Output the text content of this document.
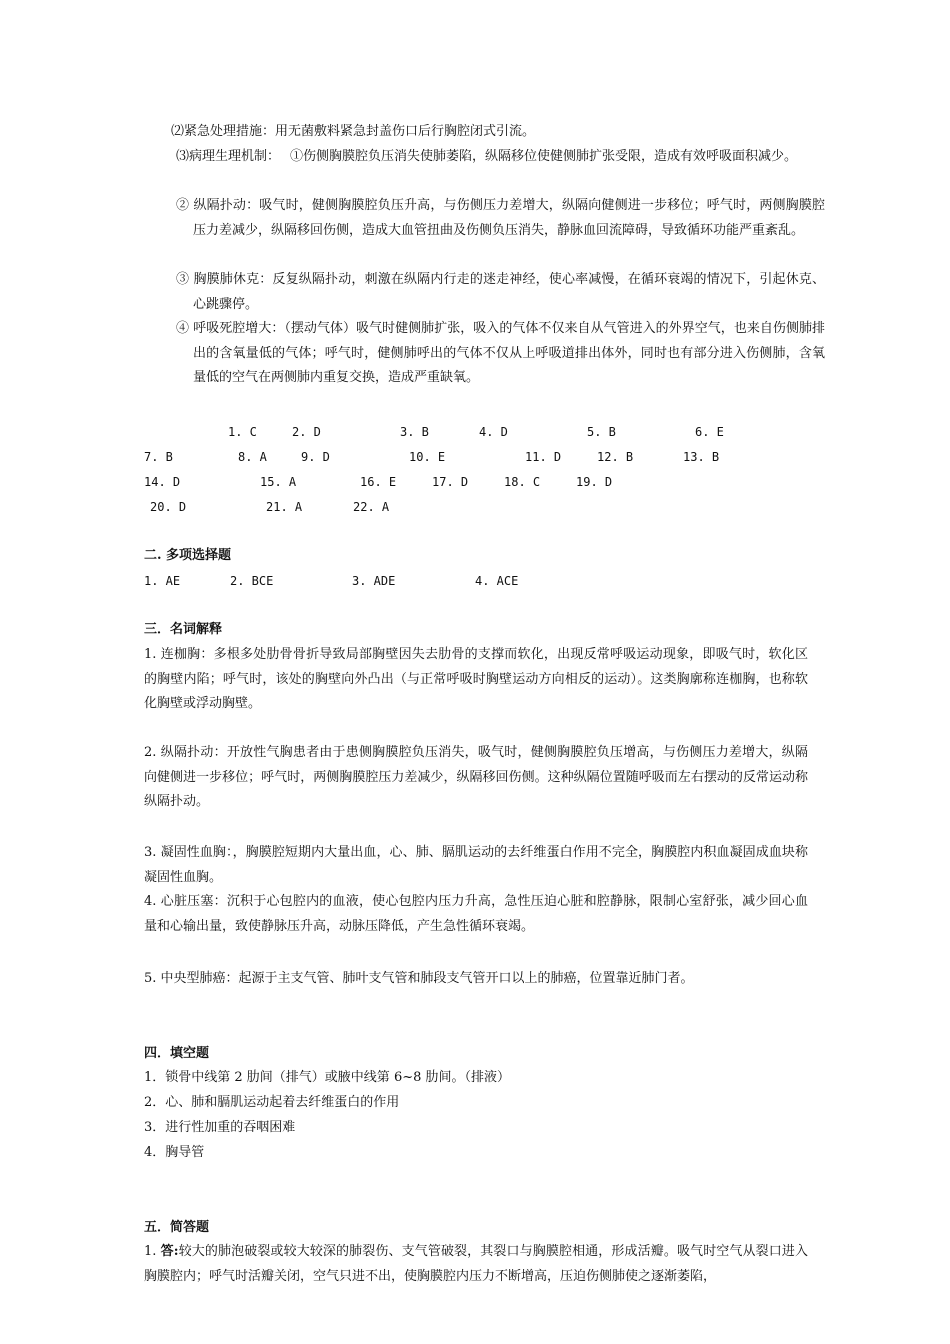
⑵紧急处理措施：用无菌敷料紧急封盖伤口后行胸腔闭式引流。
⑶病理生理机制： ①伤侧胸膜腔负压消失使肺萎陷，纵隔移位使健侧肺扩张受限，造成有效呼吸面积减少。
② 纵隔扑动：吸气时，健侧胸膜腔负压升高，与伤侧压力差增大，纵隔向健侧进一步移位；呼气时，两侧胸膜腔压力差减少，纵隔移回伤侧，造成大血管扭曲及伤侧负压消失，静脉血回流障碍，导致循环功能严重紊乱。
③ 胸膜肺休克：反复纵隔扑动，刺激在纵隔内行走的迷走神经，使心率减慢，在循环衰竭的情况下，引起休克、心跳骤停。
④ 呼吸死腔增大：（摆动气体）吸气时健侧肺扩张，吸入的气体不仅来自从气管进入的外界空气，也来自伤侧肺排出的含氧量低的气体；呼气时，健侧肺呼出的气体不仅从上呼吸道排出体外，同时也有部分进入伤侧肺，含氧量低的空气在两侧肺内重复交换，造成严重缺氧。
1. C	2. D	3. B	4. D	5. B	6. E
7. B	8. A	9. D	10. E	11. D	12. B	13. B
14. D	15. A	16. E	17. D	18. C	19. D
20. D	21. A	22. A
二. 多项选择题
1. AE	2. BCE	3. ADE	4. ACE
三．名词解释
1. 连枷胸：多根多处肋骨骨折导致局部胸壁因失去肋骨的支撑而软化，出现反常呼吸运动现象，即吸气时，软化区的胸壁内陷；呼气时，该处的胸壁向外凸出（与正常呼吸时胸壁运动方向相反的运动）。这类胸廓称连枷胸，也称软化胸壁或浮动胸壁。
2. 纵隔扑动：开放性气胸患者由于患侧胸膜腔负压消失，吸气时，健侧胸膜腔负压增高，与伤侧压力差增大，纵隔向健侧进一步移位；呼气时，两侧胸膜腔压力差减少，纵隔移回伤侧。这种纵隔位置随呼吸而左右摆动的反常运动称纵隔扑动。
3. 凝固性血胸：，胸膜腔短期内大量出血，心、肺、膈肌运动的去纤维蛋白作用不完全，胸膜腔内积血凝固成血块称凝固性血胸。
4. 心脏压塞：沉积于心包腔内的血液，使心包腔内压力升高，急性压迫心脏和腔静脉，限制心室舒张，减少回心血量和心输出量，致使静脉压升高，动脉压降低，产生急性循环衰竭。
5. 中央型肺癌：起源于主支气管、肺叶支气管和肺段支气管开口以上的肺癌，位置靠近肺门者。
四．填空题
1．锁骨中线第 2 肋间（排气）或腋中线第 6~8 肋间。（排液）
2．心、肺和膈肌运动起着去纤维蛋白的作用
3．进行性加重的吞咽困难
4．胸导管
五．简答题
1. 答:较大的肺泡破裂或较大较深的肺裂伤、支气管破裂，其裂口与胸膜腔相通，形成活瓣。吸气时空气从裂口进入胸膜腔内；呼气时活瓣关闭，空气只进不出，使胸膜腔内压力不断增高，压迫伤侧肺使之逐渐萎陷，
